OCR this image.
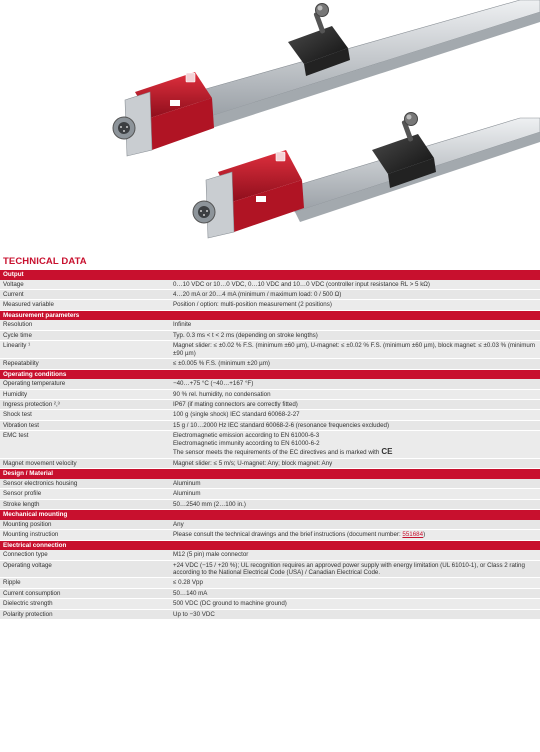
TECHNICAL DATA
Output	
Voltage	0…10 VDC or 10…0 VDC, 0…10 VDC and 10…0 VDC (controller input resistance RL > 5 kΩ)
Current	4…20 mA or 20…4 mA (minimum / maximum load: 0 / 500 Ω)
Measured variable	Position / option: multi-position measurement (2 positions)
Measurement parameters	
Resolution	Infinite
Cycle time	Typ. 0.3 ms < t < 2 ms (depending on stroke lengths)
Linearity ¹	Magnet slider: ≤ ±0.02 % F.S. (minimum ±60 µm), U-magnet: ≤ ±0.02 % F.S. (minimum ±60 µm), block magnet: ≤ ±0.03 % (minimum ±90 µm)
Repeatability	≤ ±0.005 % F.S. (minimum ±20 µm)
Operating conditions	
Operating temperature	−40…+75 °C (−40…+167 °F)
Humidity	90 % rel. humidity, no condensation
Ingress protection ²,³	IP67 (if mating connectors are correctly fitted)
Shock test	100 g (single shock) IEC standard 60068-2-27
Vibration test	15 g / 10…2000 Hz IEC standard 60068-2-6 (resonance frequencies excluded)
EMC test	Electromagnetic emission according to EN 61000-6-3
Electromagnetic immunity according to EN 61000-6-2
The sensor meets the requirements of the EC directives and is marked with CE
Magnet movement velocity	Magnet slider: ≤ 5 m/s; U-magnet: Any; block magnet: Any
Design / Material	
Sensor electronics housing	Aluminum
Sensor profile	Aluminum
Stroke length	50…2540 mm (2…100 in.)
Mechanical mounting	
Mounting position	Any
Mounting instruction	Please consult the technical drawings and the brief instructions (document number: 551684)
Electrical connection	
Connection type	M12 (5 pin) male connector
Operating voltage	+24 VDC (−15 / +20 %); UL recognition requires an approved power supply with energy limitation (UL 61010-1), or Class 2 rating according to the National Electrical Code (USA) / Canadian Electrical Code.
Ripple	≤ 0.28 Vpp
Current consumption	50…140 mA
Dielectric strength	500 VDC (DC ground to machine ground)
Polarity protection	Up to −30 VDC
